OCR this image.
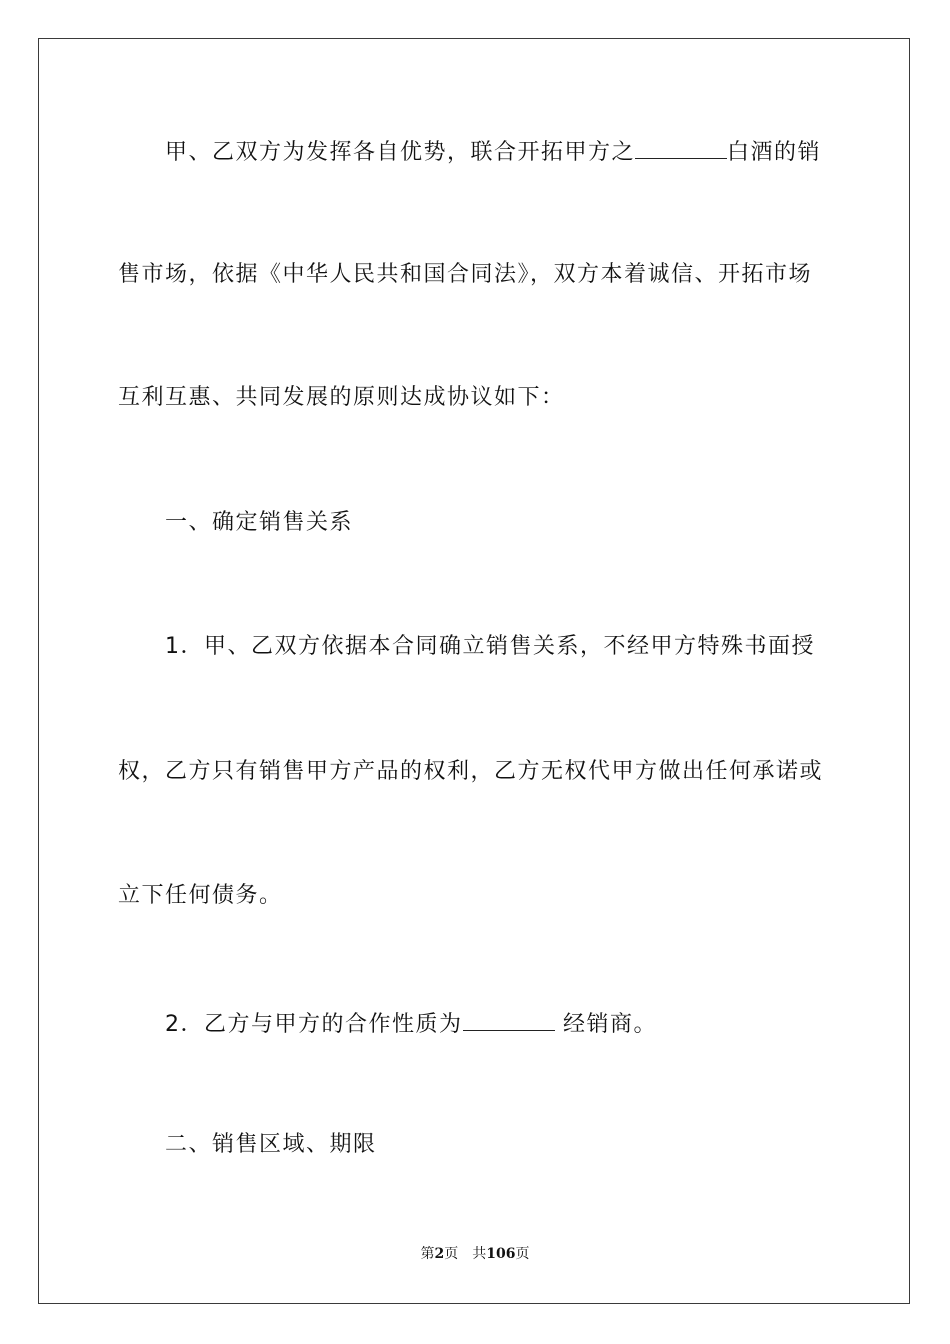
甲、乙双方为发挥各自优势，联合开拓甲方之	白酒的销
售市场，依据《中华人民共和国合同法》，双方本着诚信、开拓市场
互利互惠、共同发展的原则达成协议如下：
一、确定销售关系
1．甲、乙双方依据本合同确立销售关系，不经甲方特殊书面授
权，乙方只有销售甲方产品的权利，乙方无权代甲方做出任何承诺或
立下任何债务。
2．乙方与甲方的合作性质为	经销商。
二、销售区域、期限
第2页 共106页
